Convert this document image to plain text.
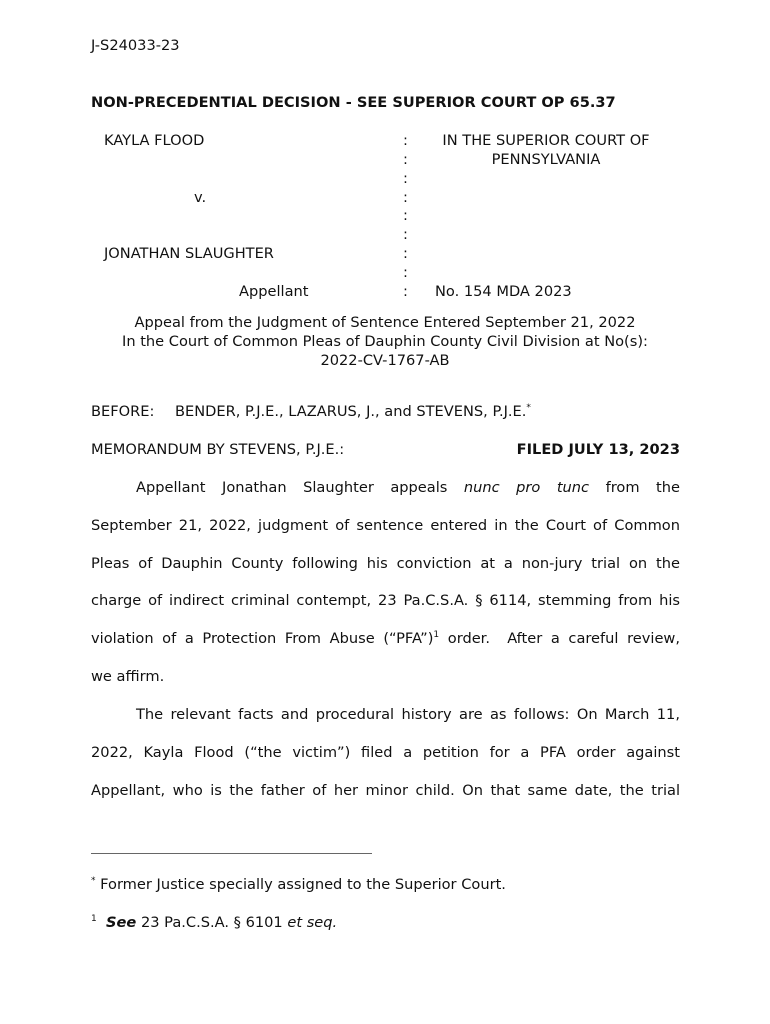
J-S24033-23
NON-PRECEDENTIAL DECISION - SEE SUPERIOR COURT OP 65.37
KAYLA FLOOD
v.
JONATHAN SLAUGHTER
Appellant
:
:
:
:
:
:
:
:
:
IN THE SUPERIOR COURT OF
PENNSYLVANIA
No. 154 MDA 2023
Appeal from the Judgment of Sentence Entered September 21, 2022
In the Court of Common Pleas of Dauphin County Civil Division at No(s):
2022-CV-1767-AB
BEFORE: BENDER, P.J.E., LAZARUS, J., and STEVENS, P.J.E.*
MEMORANDUM BY STEVENS, P.J.E.:	FILED JULY 13, 2023
Appellant Jonathan Slaughter appeals nunc pro tunc from the
September 21, 2022, judgment of sentence entered in the Court of Common
Pleas of Dauphin County following his conviction at a non-jury trial on the
charge of indirect criminal contempt, 23 Pa.C.S.A. § 6114, stemming from his
violation of a Protection From Abuse (“PFA”)$^1$ order.  After a careful review,
we affirm.
The relevant facts and procedural history are as follows: On March 11,
2022, Kayla Flood (“the victim”) filed a petition for a PFA order against
Appellant, who is the father of her minor child. On that same date, the trial
* Former Justice specially assigned to the Superior Court.
$^1$ See 23 Pa.C.S.A. § 6101 et seq.
